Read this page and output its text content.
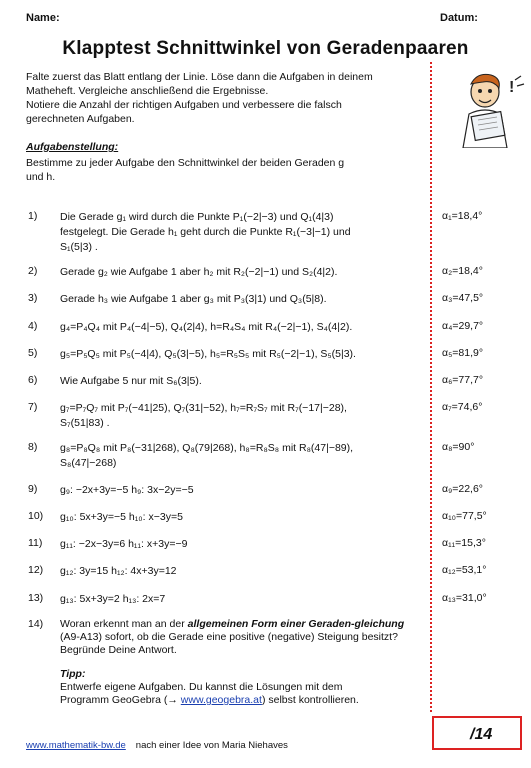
Name:	Datum:
Klapptest Schnittwinkel von Geradenpaaren

Falte zuerst das Blatt entlang der Linie. Löse dann die Aufgaben in deinem

Matheheft. Vergleiche anschließend die Ergebnisse.

Notiere die Anzahl der richtigen Aufgaben und verbessere die falsch

gerechneten Aufgaben.

!
Aufgabenstellung:
Bestimme zu jeder Aufgabe den Schnittwinkel der beiden Geraden g
und h.
1)	Die Gerade g₁ wird durch die Punkte P₁(−2|−3) und Q₁(4|3)
festgelegt. Die Gerade h₁ geht durch die Punkte R₁(−3|−1) und
S₁(5|3) .
α₁=18,4°
2)	Gerade g₂ wie Aufgabe 1 aber h₂ mit R₂(−2|−1) und S₂(4|2).	α₂=18,4°
3)	Gerade h₃ wie Aufgabe 1 aber g₃ mit P₃(3|1) und Q₃(5|8).	α₃=47,5°
4)	g₄=P₄Q₄ mit P₄(−4|−5), Q₄(2|4), h=R₄S₄ mit R₄(−2|−1), S₄(4|2).	α₄=29,7°
5)	g₅=P₅Q₅ mit P₅(−4|4), Q₅(3|−5), h₅=R₅S₅ mit R₅(−2|−1), S₅(5|3).	α₅=81,9°
6)	Wie Aufgabe 5 nur mit S₆(3|5).	α₆=77,7°
7)	g₇=P₇Q₇ mit P₇(−41|25), Q₇(31|−52), h₇=R₇S₇ mit R₇(−17|−28),
S₇(51|83) .
α₇=74,6°
8)	g₈=P₈Q₈ mit P₈(−31|268), Q₈(79|268), h₈=R₈S₈ mit R₈(47|−89),
S₈(47|−268)
α₈=90°
9)	g₉: −2x+3y=−5 h₉: 3x−2y=−5	α₉=22,6°
10)	g₁₀: 5x+3y=−5 h₁₀: x−3y=5	α₁₀=77,5°
11)	g₁₁: −2x−3y=6 h₁₁: x+3y=−9	α₁₁=15,3°
12)	g₁₂: 3y=15 h₁₂: 4x+3y=12	α₁₂=53,1°
13)	g₁₃: 5x+3y=2 h₁₃: 2x=7	α₁₃=31,0°
14) Woran erkennt man an der allgemeinen Form einer Geraden-gleichung (A9-A13) sofort, ob die Gerade eine positive (negative) Steigung besitzt? Begründe Deine Antwort.
Tipp:
Entwerfe eigene Aufgaben. Du kannst die Lösungen mit dem
Programm GeoGebra (→ www.geogebra.at) selbst kontrollieren.
/14
www.mathematik-bw.de nach einer Idee von Maria Niehaves
